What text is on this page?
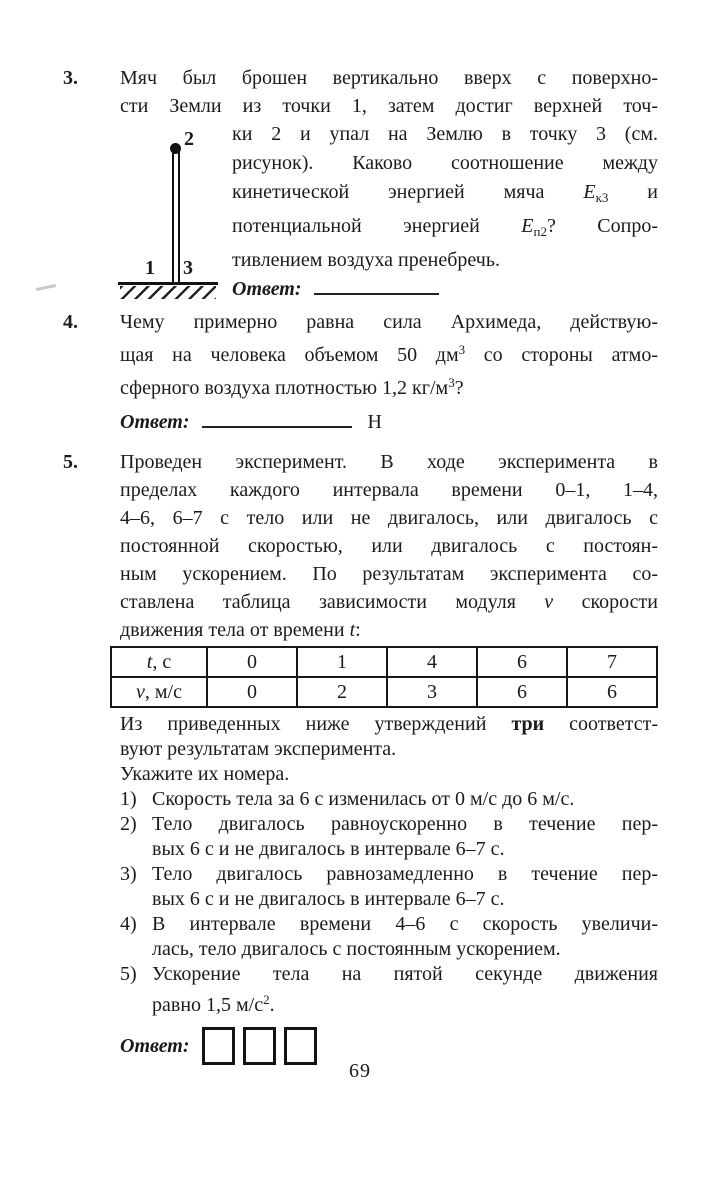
3.	Мяч был брошен вертикально вверх с поверхно-
сти Земли из точки 1, затем достиг верхней точ-
2
1 3
ки 2 и упал на Землю в точку 3 (см.
рисунок). Каково соотношение между
кинетической энергией мяча $E_{к3}$ и
потенциальной энергией $E_{п2}$? Сопро-
тивлением воздуха пренебречь.
Ответ:
4.	Чему примерно равна сила Архимеда, действую-
щая на человека объемом 50 $дм^3$ со стороны атмо-
сферного воздуха плотностью 1,2 $кг/м^3$?
Ответ:	Н
5.	Проведен эксперимент. В ходе эксперимента в
пределах каждого интервала времени 0–1, 1–4,
4–6, 6–7 с тело или не двигалось, или двигалось с
постоянной скоростью, или двигалось с постоян-
ным ускорением. По результатам эксперимента со-
ставлена таблица зависимости модуля v скорости
движения тела от времени t:
t, с	0	1	4	6	7
v, м/с	0	2	3	6	6
Из приведенных ниже утверждений три соответст-
вуют результатам эксперимента.
Укажите их номера.
1) Скорость тела за 6 с изменилась от 0 м/с до 6 м/с.
2) Тело двигалось равноускоренно в течение пер-
вых 6 с и не двигалось в интервале 6–7 с.
3) Тело двигалось равнозамедленно в течение пер-
вых 6 с и не двигалось в интервале 6–7 с.
4) В интервале времени 4–6 с скорость увеличи-
лась, тело двигалось с постоянным ускорением.
5) Ускорение тела на пятой секунде движения
равно 1,5 $м/с^2$.
Ответ:
69
